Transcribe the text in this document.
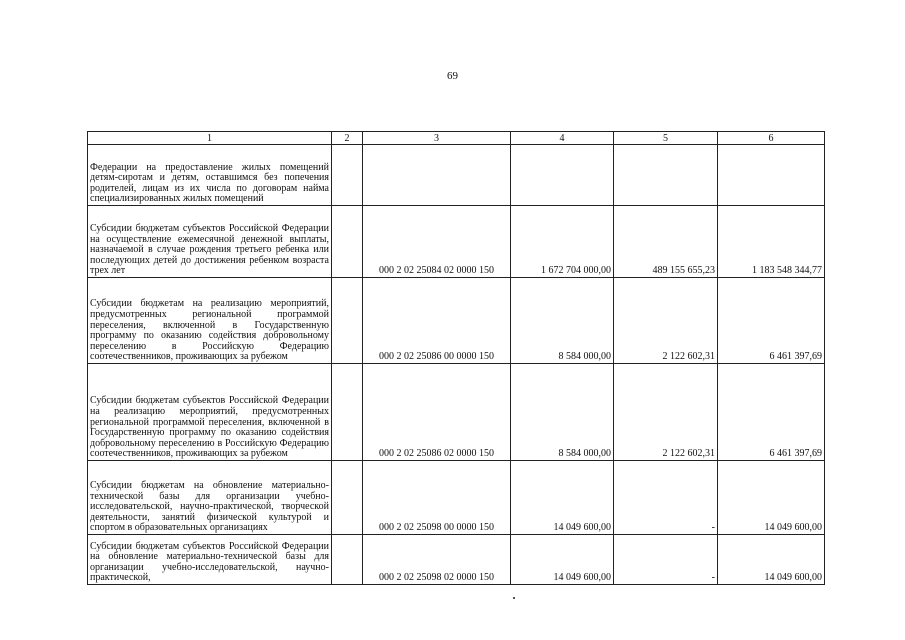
69
1	2	3	4	5	6
Федерации на предоставление жилых помещений детям-сиротам и детям, оставшимся без попечения родителей, лицам из их числа по договорам найма специализированных жилых помещений					
Субсидии бюджетам субъектов Российской Федерации на осуществление ежемесячной денежной выплаты, назначаемой в случае рождения третьего ребенка или последующих детей до достижения ребенком возраста трех лет		000 2 02 25084 02 0000 150	1 672 704 000,00	489 155 655,23	1 183 548 344,77
Субсидии бюджетам на реализацию мероприятий, предусмотренных региональной программой переселения, включенной в Государственную программу по оказанию содействия добровольному переселению в Российскую Федерацию соотечественников, проживающих за рубежом		000 2 02 25086 00 0000 150	8 584 000,00	2 122 602,31	6 461 397,69
Субсидии бюджетам субъектов Российской Федерации на реализацию мероприятий, предусмотренных региональной программой переселения, включенной в Государственную программу по оказанию содействия добровольному переселению в Российскую Федерацию соотечественников, проживающих за рубежом		000 2 02 25086 02 0000 150	8 584 000,00	2 122 602,31	6 461 397,69
Субсидии бюджетам на обновление материально-технической базы для организации учебно-исследовательской, научно-практической, творческой деятельности, занятий физической культурой и спортом в образовательных организациях		000 2 02 25098 00 0000 150	14 049 600,00	-	14 049 600,00
Субсидии бюджетам субъектов Российской Федерации на обновление материально-технической базы для организации учебно-исследовательской, научно-практической,		000 2 02 25098 02 0000 150	14 049 600,00	-	14 049 600,00
